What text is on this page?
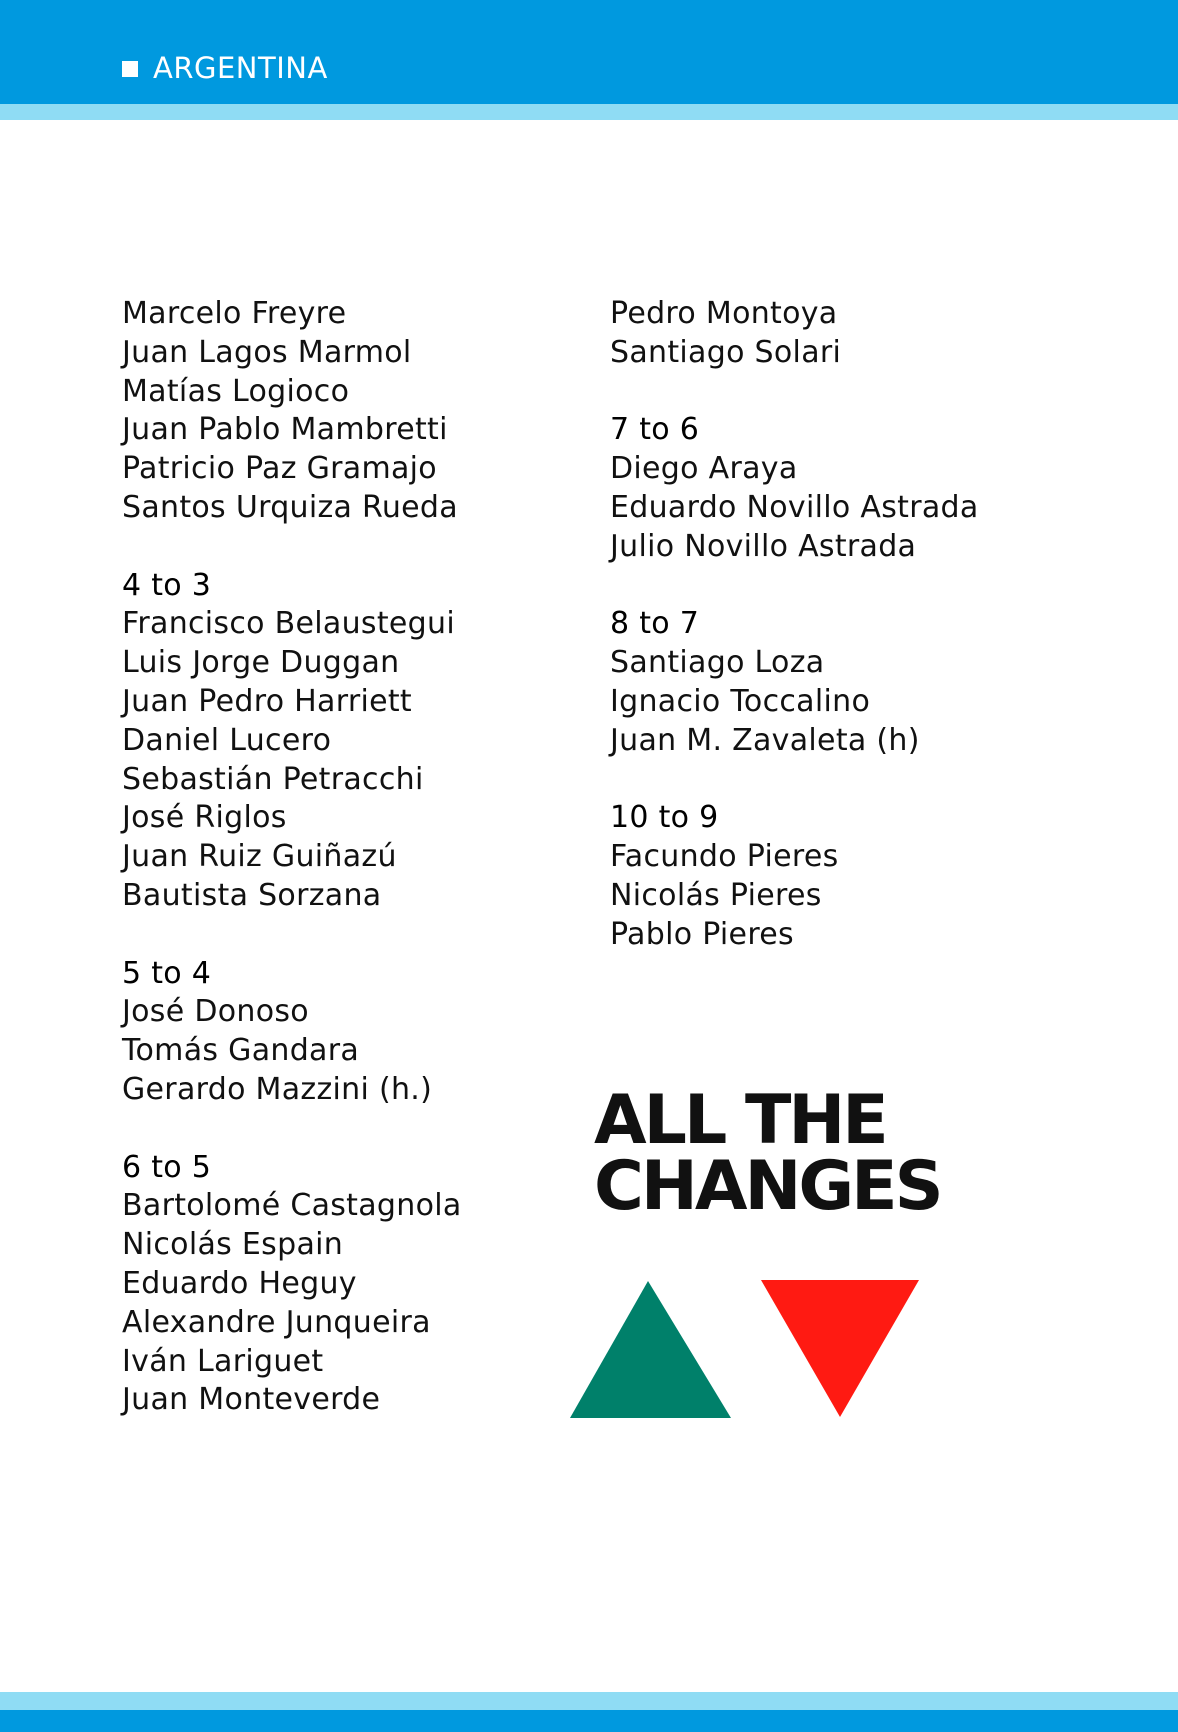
ARGENTINA
Marcelo Freyre
Juan Lagos Marmol
Matías Logioco
Juan Pablo Mambretti
Patricio Paz Gramajo
Santos Urquiza Rueda
4 to 3
Francisco Belaustegui
Luis Jorge Duggan
Juan Pedro Harriett
Daniel Lucero
Sebastián Petracchi
José Riglos
Juan Ruiz Guiñazú
Bautista Sorzana
5 to 4
José Donoso
Tomás Gandara
Gerardo Mazzini (h.)
6 to 5
Bartolomé Castagnola
Nicolás Espain
Eduardo Heguy
Alexandre Junqueira
Iván Lariguet
Juan Monteverde
Pedro Montoya
Santiago Solari
7 to 6
Diego Araya
Eduardo Novillo Astrada
Julio Novillo Astrada
8 to 7
Santiago Loza
Ignacio Toccalino
Juan M. Zavaleta (h)
10 to 9
Facundo Pieres
Nicolás Pieres
Pablo Pieres
ALL THE
CHANGES
